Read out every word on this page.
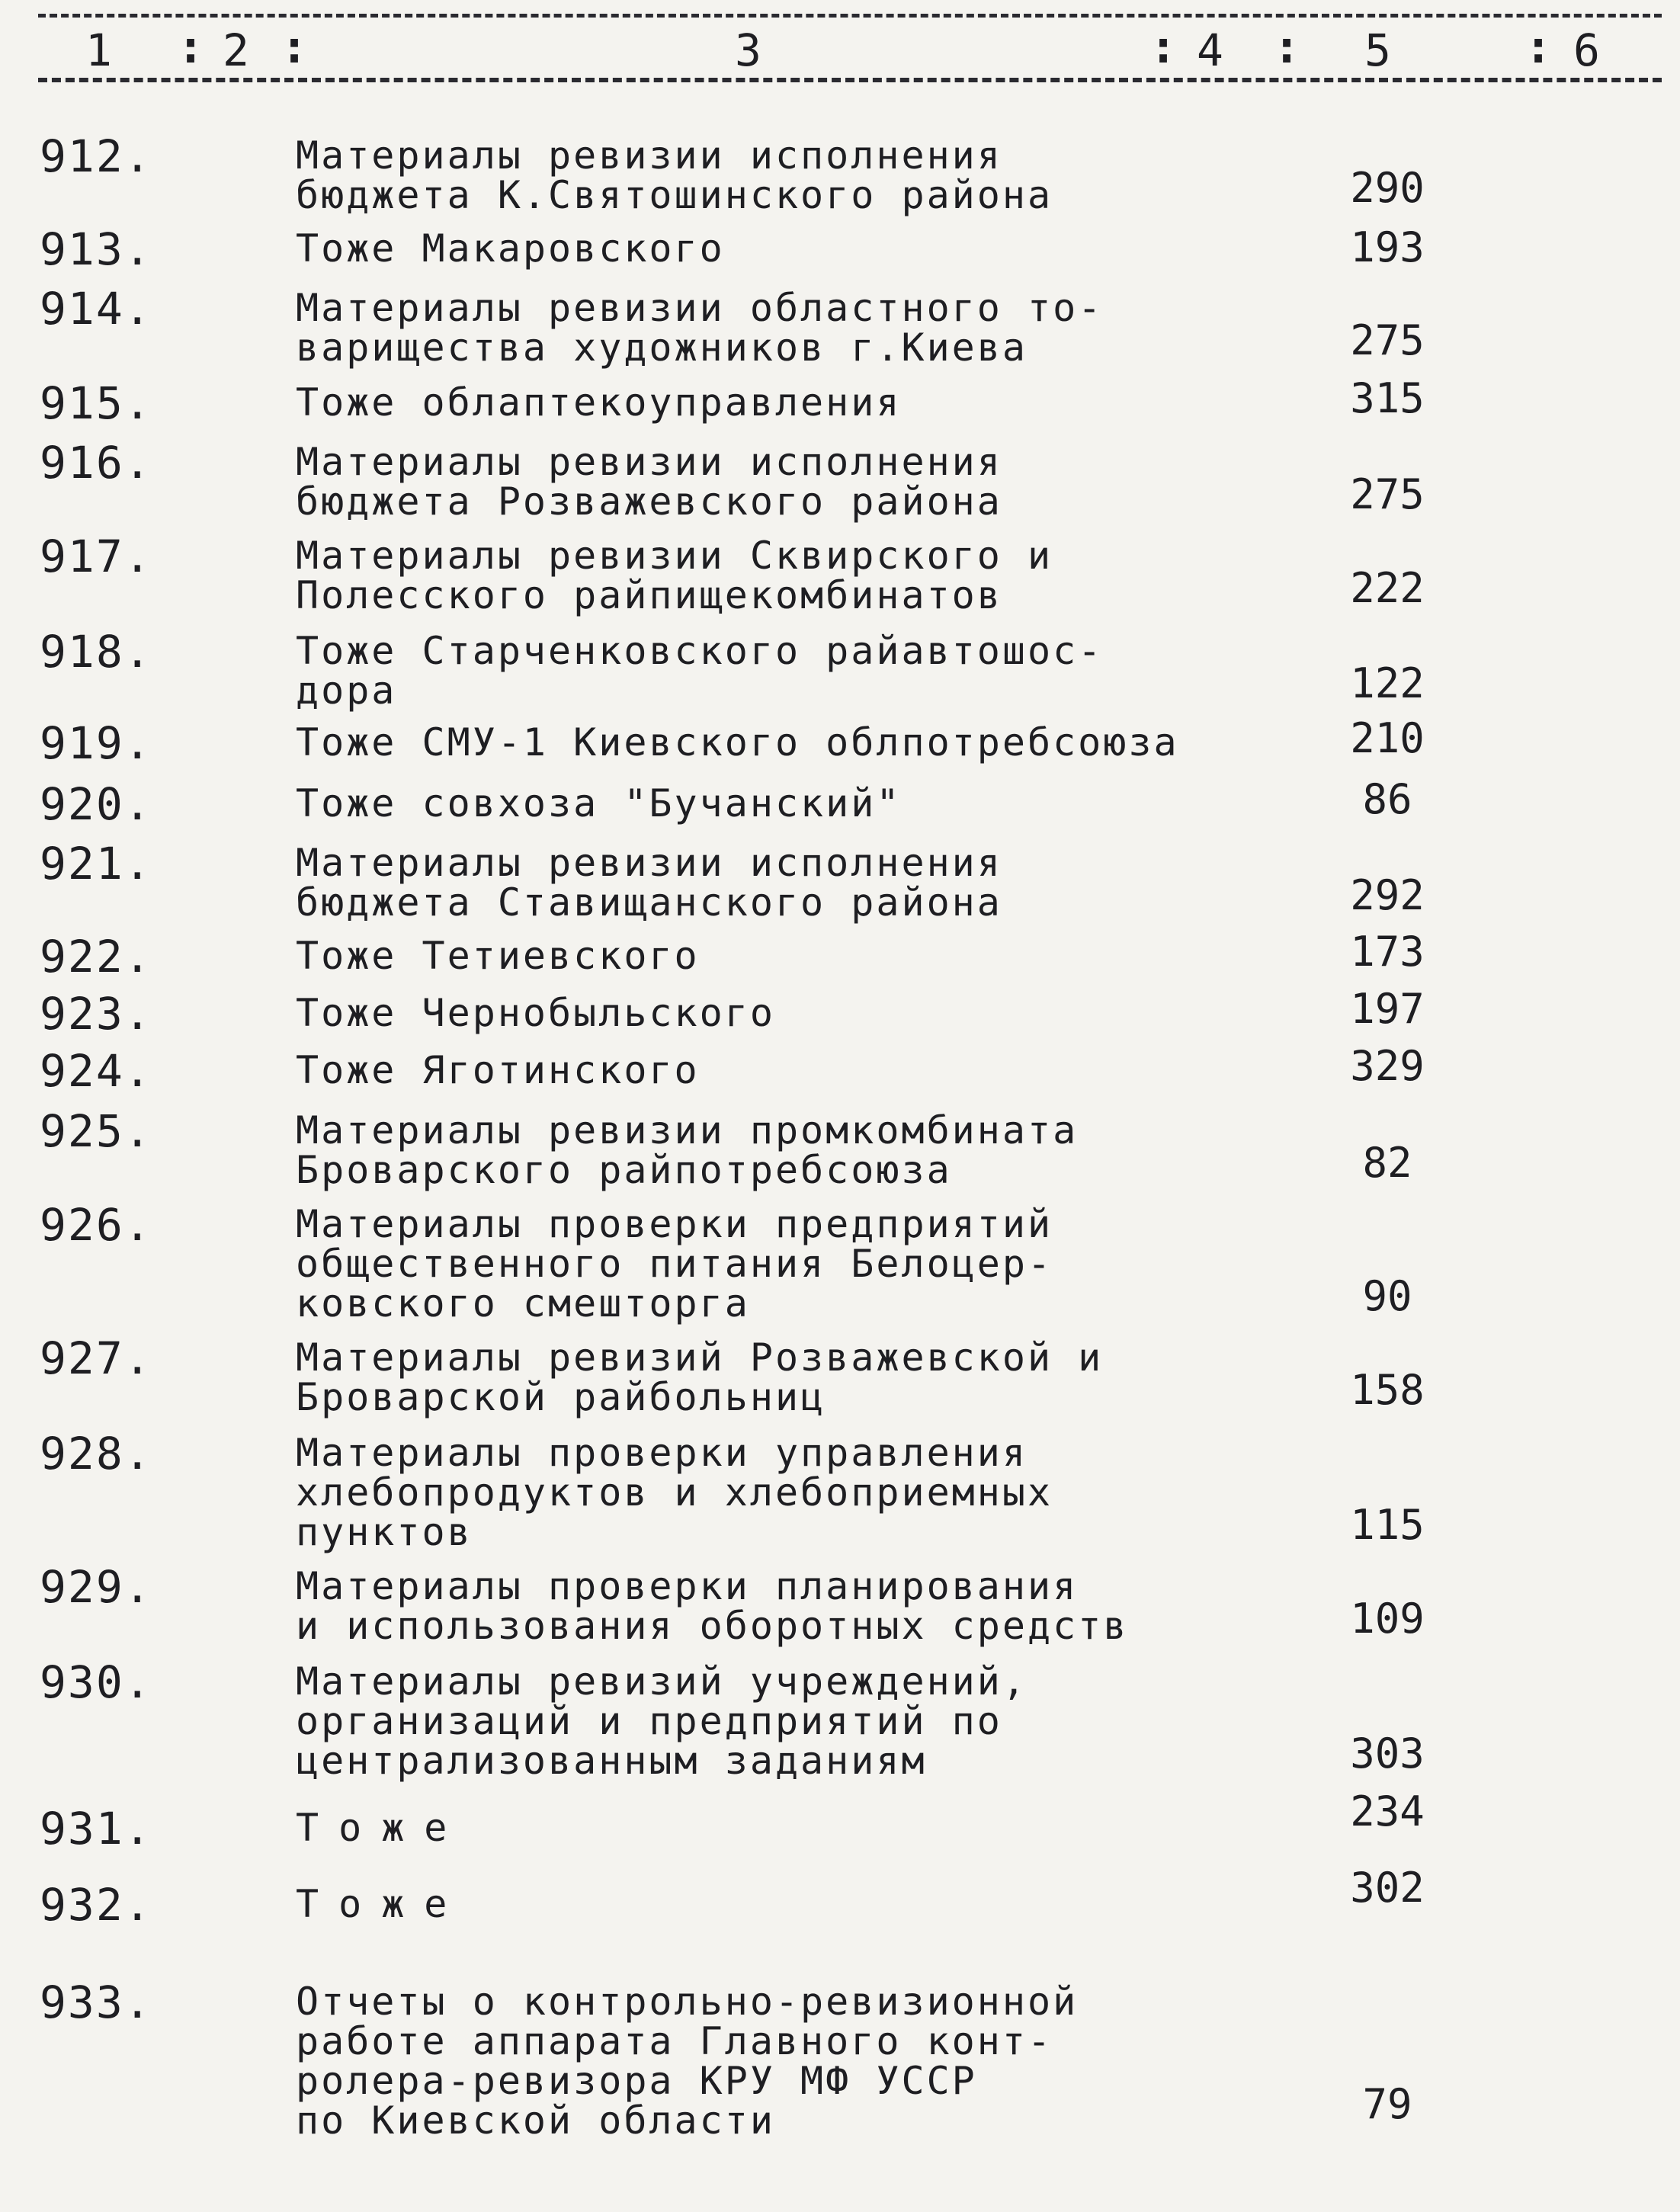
1 : 2 :	3	: 4 : 5	: 6
912.	Материалы ревизии исполнения
бюджета К.Святошинского района	290
913.	Тоже Макаровского	193
914.	Материалы ревизии областного то-
варищества художников г.Киева	275
915.	Тоже облаптекоуправления	315
916.	Материалы ревизии исполнения
бюджета Розважевского района	275
917.	Материалы ревизии Сквирского и
Полесского райпищекомбинатов	222
918.	Тоже Старченковского райавтошос-
дора	122
919.	Тоже СМУ-1 Киевского облпотребсоюза	210
920.	Тоже совхоза "Бучанский"	86
921.	Материалы ревизии исполнения
бюджета Ставищанского района	292
922.	Тоже Тетиевского	173
923.	Тоже Чернобыльского	197
924.	Тоже Яготинского	329
925.	Материалы ревизии промкомбината
Броварского райпотребсоюза	82
926.	Материалы проверки предприятий
общественного питания Белоцер-
ковского смешторга	90
927.	Материалы ревизий Розважевской и
Броварской райбольниц	158
928.	Материалы проверки управления
хлебопродуктов и хлебоприемных
пунктов	115
929.	Материалы проверки планирования
и использования оборотных средств	109
930.	Материалы ревизий учреждений,
организаций и предприятий по
централизованным заданиям	303
931.	Тоже	234
932.	Тоже	302
933.	Отчеты о контрольно-ревизионной
работе аппарата Главного конт-
ролера-ревизора КРУ МФ УССР
по Киевской области	79
